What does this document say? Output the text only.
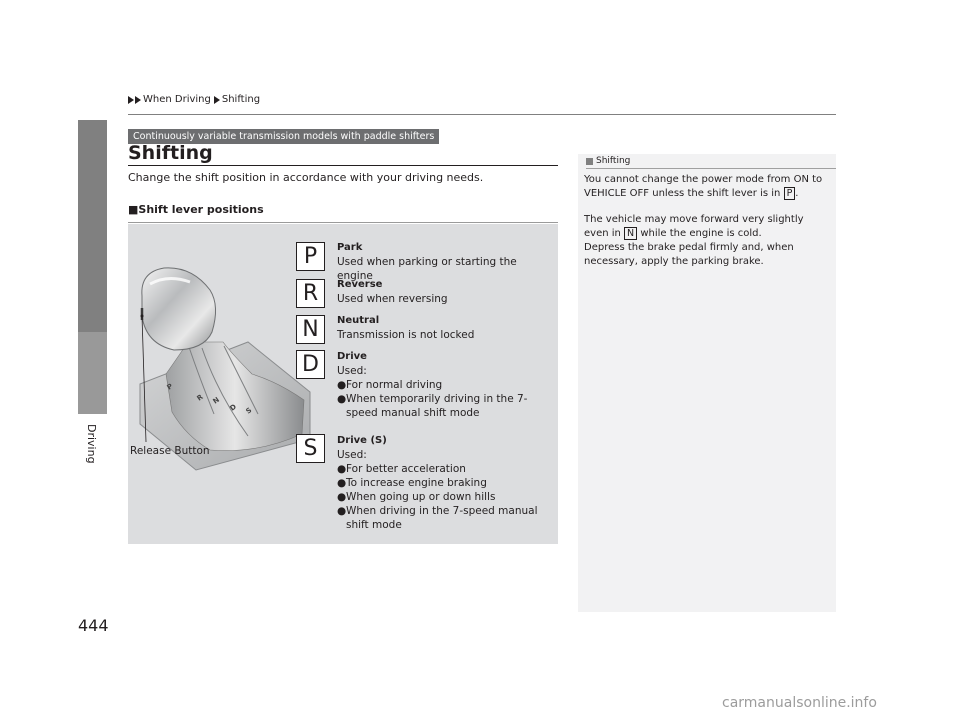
Driving
444
When Driving Shifting
Continuously variable transmission models with paddle shifters
Shifting
Change the shift position in accordance with your driving needs.
■Shift lever positions
P
R N
D S
Release Button
P
R
N
D
S
Park
Used when parking or starting the engine
Reverse
Used when reversing
Neutral
Transmission is not locked
Drive
Used:
● For normal driving
● When temporarily driving in the 7-speed manual shift mode
Drive (S)
Used:
● For better acceleration
● To increase engine braking
● When going up or down hills
● When driving in the 7-speed manual shift mode
Shifting

You cannot change the power mode from ON to VEHICLE OFF unless the shift lever is in P .

The vehicle may move forward very slightly even in N while the engine is cold.

Depress the brake pedal firmly and, when necessary, apply the parking brake.

carmanualsonline.info
